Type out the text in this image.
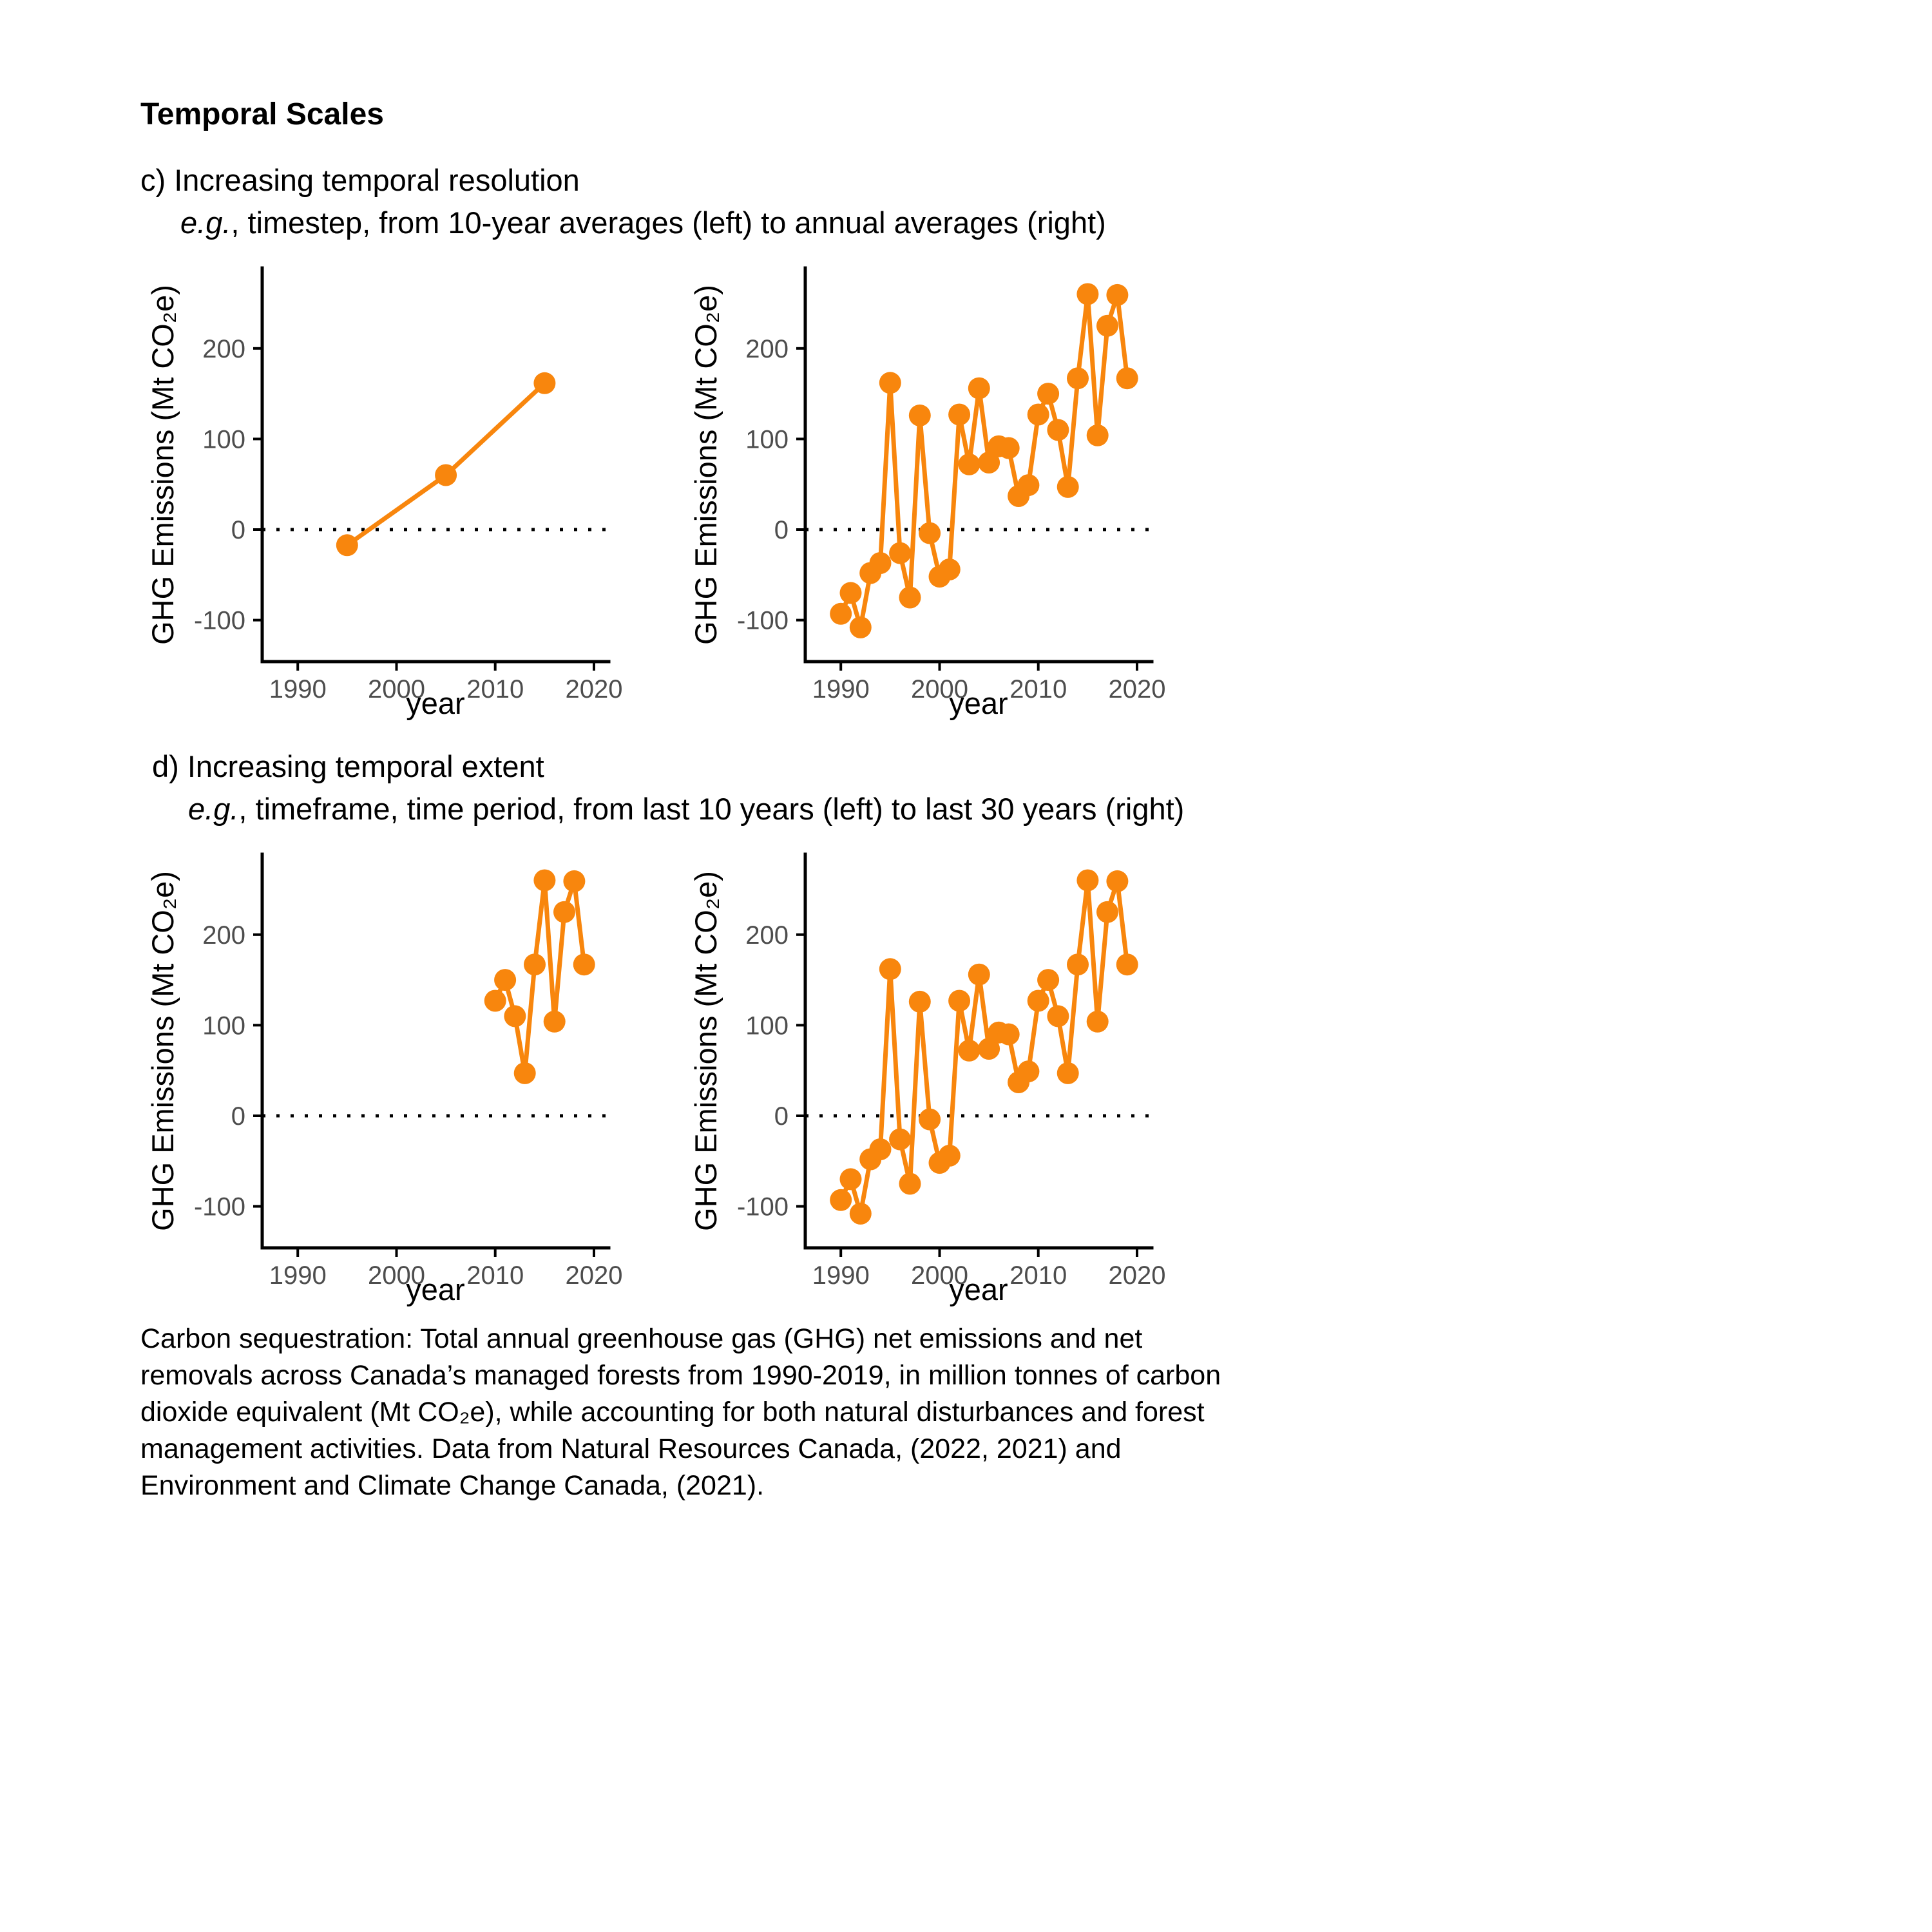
Temporal Scales
c) Increasing temporal resolution
e.g., timestep, from 10-year averages (left) to annual averages (right)
-100
0
100
200
1990 2000 2010 2020
year
GHG Emissions (Mt CO₂e)	-100
0
100
200
1990 2000 2010 2020
year
GHG Emissions (Mt CO₂e)
d) Increasing temporal extent
e.g., timeframe, time period, from last 10 years (left) to last 30 years (right)
-100
0
100
200
1990 2000 2010 2020
year
GHG Emissions (Mt CO₂e)	-100
0
100
200
1990 2000 2010 2020
year
GHG Emissions (Mt CO₂e)
Carbon sequestration: Total annual greenhouse gas (GHG) net emissions and net
removals across Canada’s managed forests from 1990-2019, in million tonnes of carbon
dioxide equivalent (Mt CO₂e), while accounting for both natural disturbances and forest
management activities. Data from Natural Resources Canada, (2022, 2021) and
Environment and Climate Change Canada, (2021).
